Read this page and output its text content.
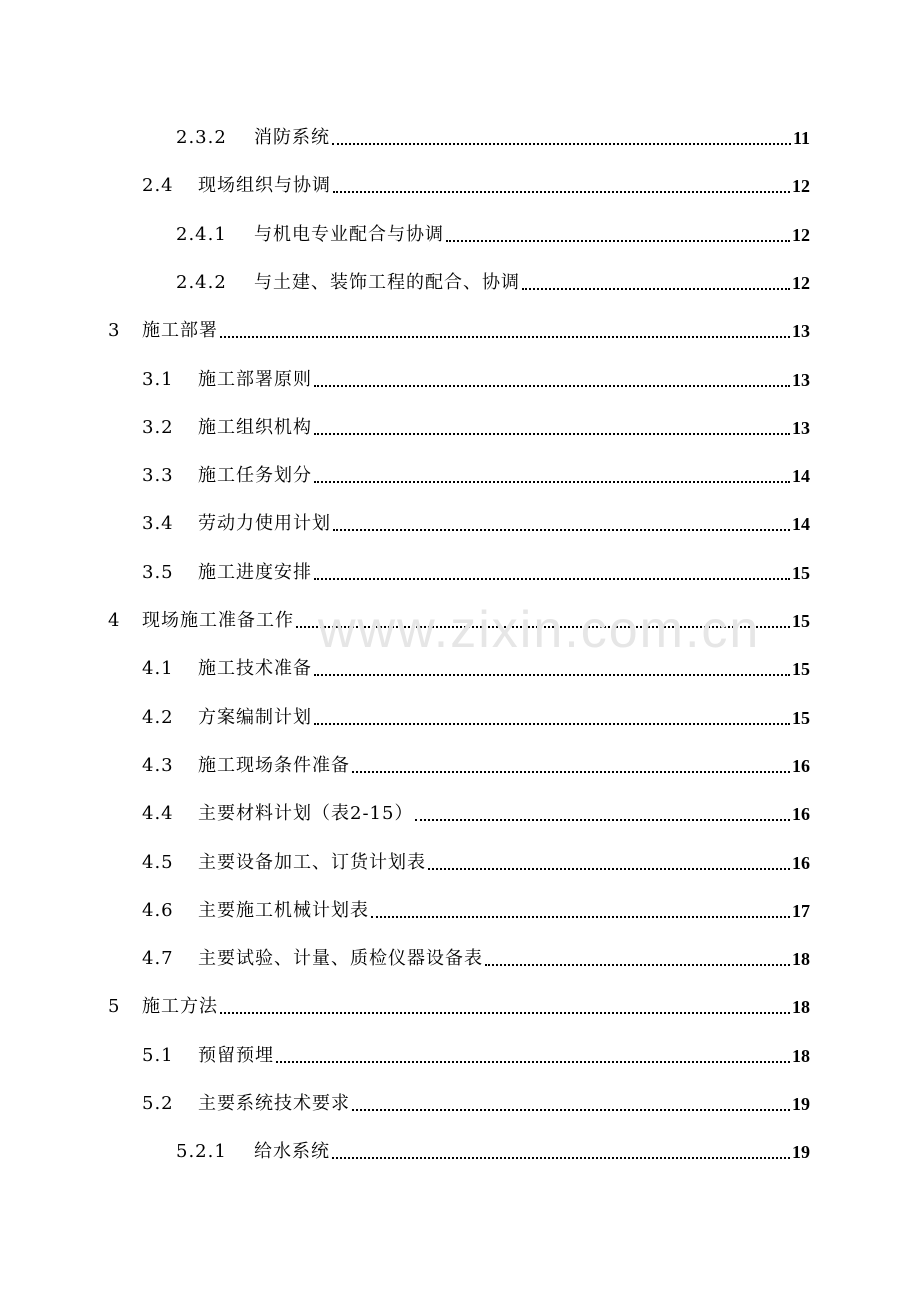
2.3.2	消防系统	11
2.4	现场组织与协调	12
2.4.1	与机电专业配合与协调	12
2.4.2	与土建、装饰工程的配合、协调	12
3	施工部署	13
3.1	施工部署原则	13
3.2	施工组织机构	13
3.3	施工任务划分	14
3.4	劳动力使用计划	14
3.5	施工进度安排	15
4	现场施工准备工作	15
4.1	施工技术准备	15
4.2	方案编制计划	15
4.3	施工现场条件准备	16
4.4	主要材料计划（表2-15）	16
4.5	主要设备加工、订货计划表	16
4.6	主要施工机械计划表	17
4.7	主要试验、计量、质检仪器设备表	18
5	施工方法	18
5.1	预留预埋	18
5.2	主要系统技术要求	19
5.2.1	给水系统	19
www.zixin.com.cn
